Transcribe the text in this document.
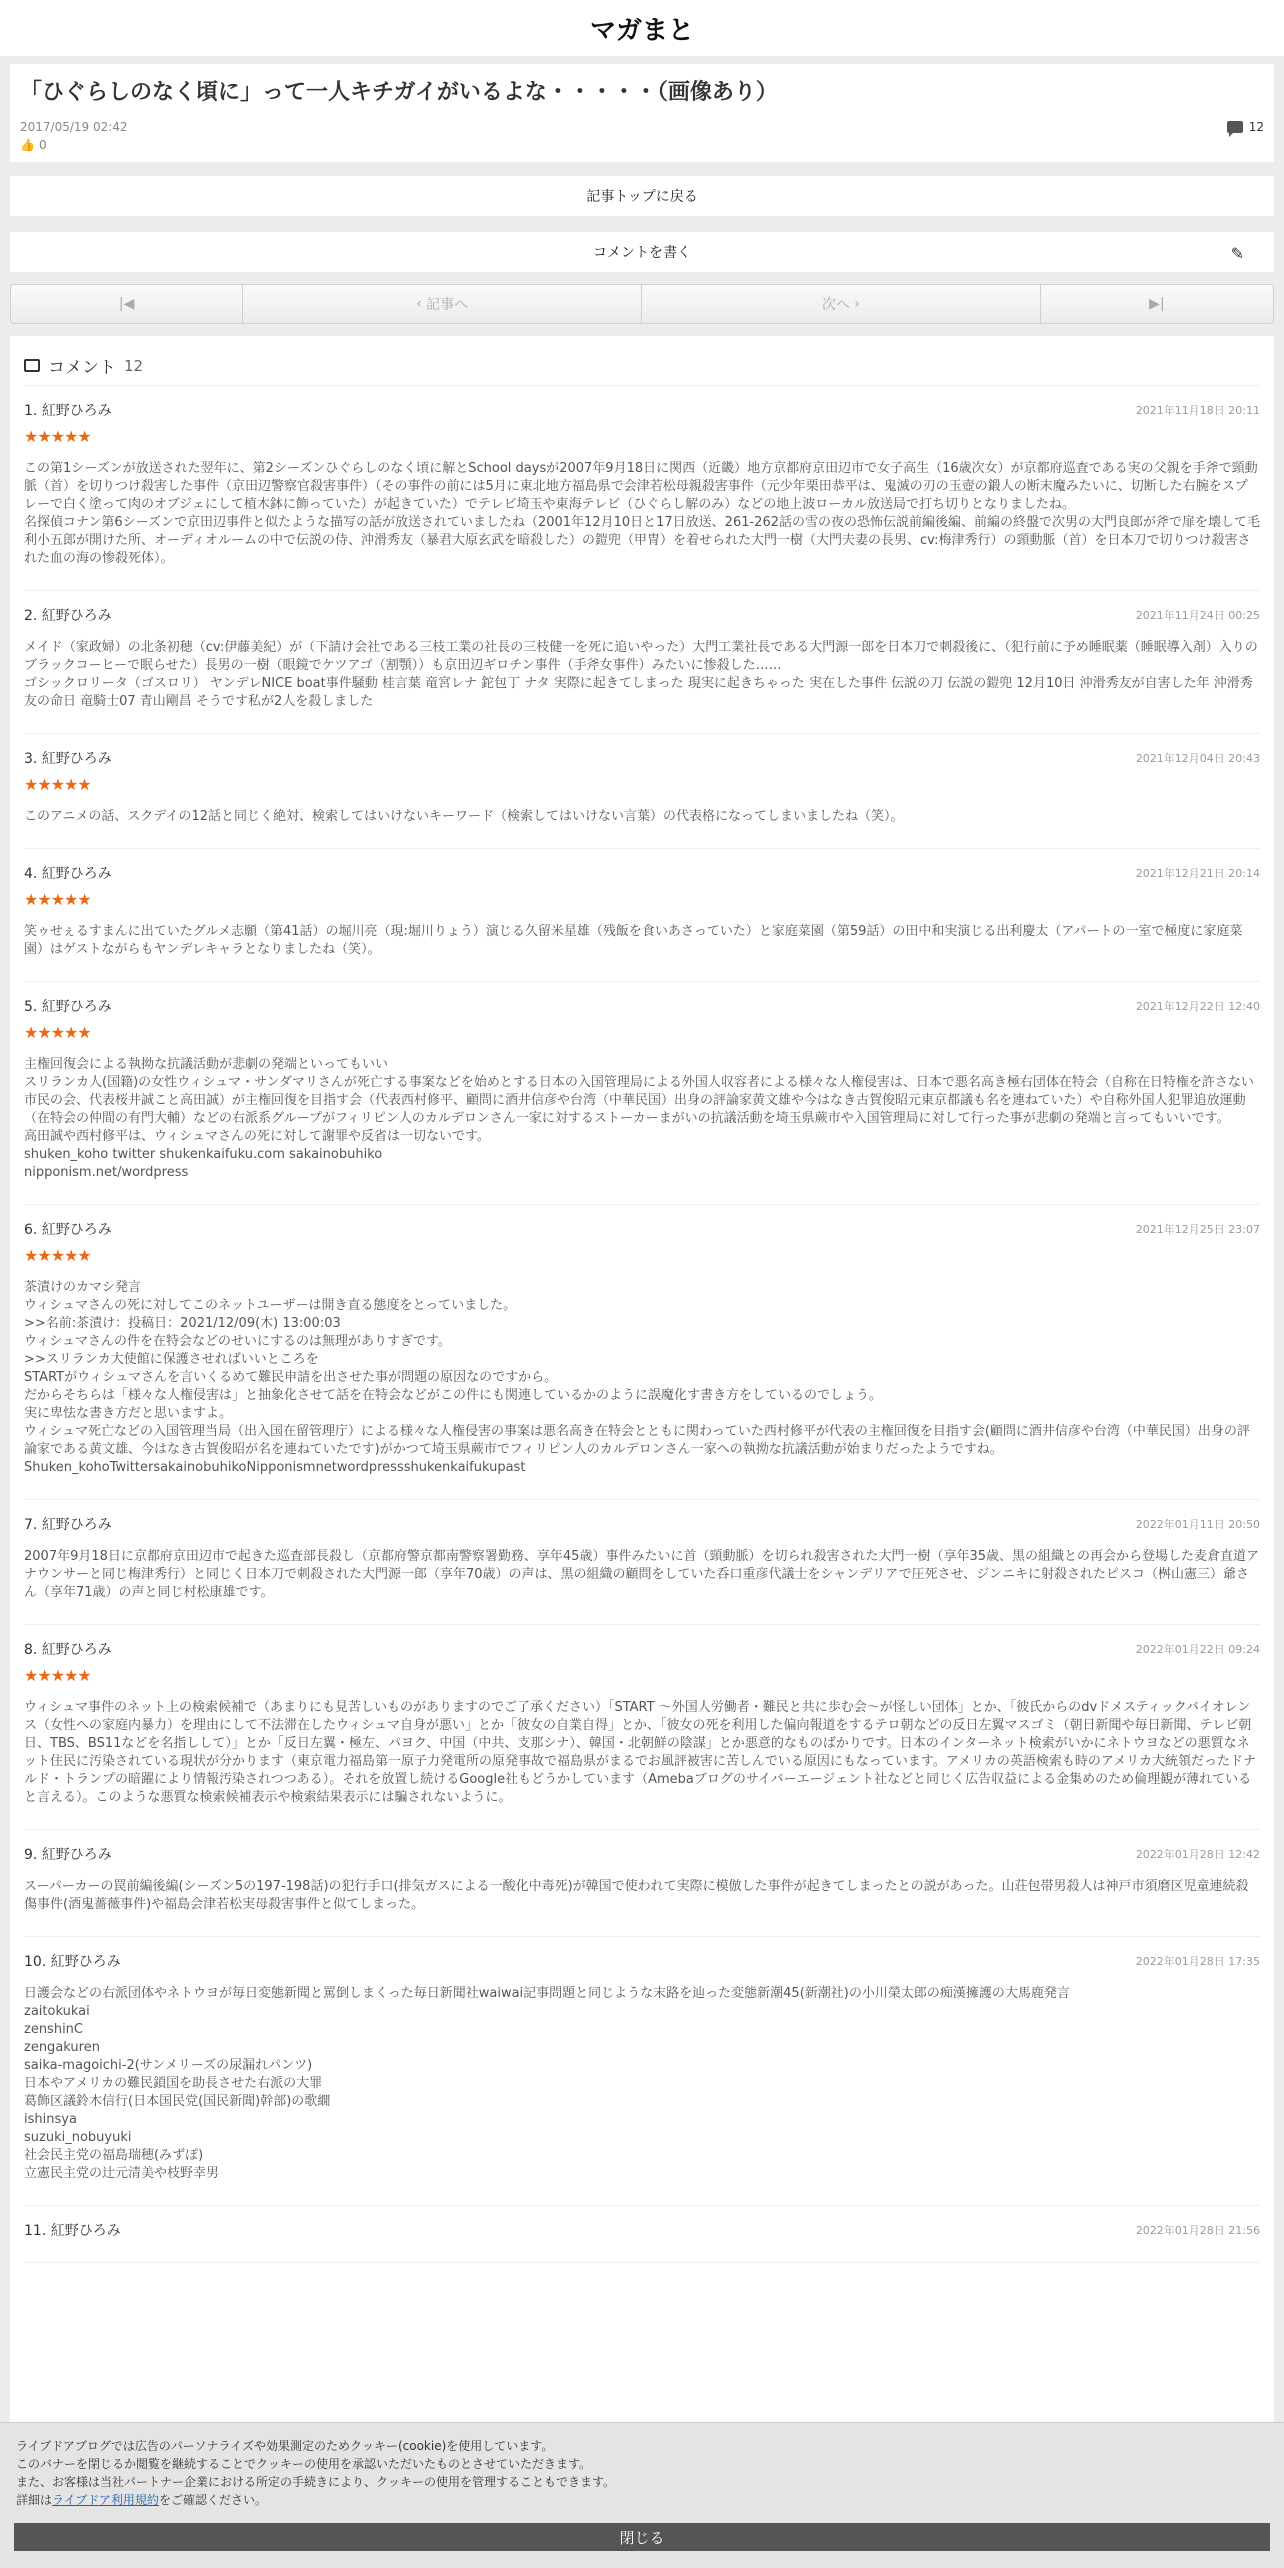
マガまと
「ひぐらしのなく頃に」って一人キチガイがいるよな・・・・・（画像あり）
2017/05/19 02:42	12
👍 0
記事トップに戻る
コメントを書く	✎
|◀	‹ 記事へ	次へ ›	▶|
コメント 12
1. 紅野ひろみ	2021年11月18日 20:11
★★★★★
この第1シーズンが放送された翌年に、第2シーズンひぐらしのなく頃に解とSchool daysが2007年9月18日に関西（近畿）地方京都府京田辺市で女子高生（16歳次女）が京都府巡査である実の父親を手斧で頸動脈（首）を切りつけ殺害した事件（京田辺警察官殺害事件）（その事件の前には5月に東北地方福島県で会津若松母親殺害事件（元少年栗田恭平は、鬼滅の刃の玉壺の鍛人の断末魔みたいに、切断した右腕をスプレーで白く塗って肉のオブジェにして植木鉢に飾っていた）が起きていた）でテレビ埼玉や東海テレビ（ひぐらし解のみ）などの地上波ローカル放送局で打ち切りとなりましたね。
名探偵コナン第6シーズンで京田辺事件と似たような描写の話が放送されていましたね（2001年12月10日と17日放送、261-262話の雪の夜の恐怖伝説前編後編、前編の終盤で次男の大門良郎が斧で扉を壊して毛利小五郎が開けた所、オーディオルームの中で伝説の侍、沖滑秀友（暴君大原玄武を暗殺した）の鎧兜（甲冑）を着せられた大門一樹（大門夫妻の長男、cv:梅津秀行）の頸動脈（首）を日本刀で切りつけ殺害された血の海の惨殺死体）。
2. 紅野ひろみ	2021年11月24日 00:25
メイド（家政婦）の北条初穂（cv:伊藤美紀）が（下請け会社である三枝工業の社長の三枝健一を死に追いやった）大門工業社長である大門源一郎を日本刀で刺殺後に、（犯行前に予め睡眠薬（睡眠導入剤）入りのブラックコーヒーで眠らせた）長男の一樹（眼鏡でケツアゴ（割顎））も京田辺ギロチン事件（手斧女事件）みたいに惨殺した……
ゴシックロリータ（ゴスロリ） ヤンデレNICE boat事件騒動 桂言葉 竜宮レナ 鉈包丁 ナタ 実際に起きてしまった 現実に起きちゃった 実在した事件 伝説の刀 伝説の鎧兜 12月10日 沖滑秀友が自害した年 沖滑秀友の命日 竜騎士07 青山剛昌 そうです私が2人を殺しました
3. 紅野ひろみ	2021年12月04日 20:43
★★★★★
このアニメの話、スクデイの12話と同じく絶対、検索してはいけないキーワード（検索してはいけない言葉）の代表格になってしまいましたね（笑）。
4. 紅野ひろみ	2021年12月21日 20:14
★★★★★
笑ゥせぇるすまんに出ていたグルメ志願（第41話）の堀川亮（現:堀川りょう）演じる久留米星雄（残飯を食いあさっていた）と家庭菜園（第59話）の田中和実演じる出利慶太（アパートの一室で極度に家庭菜園）はゲストながらもヤンデレキャラとなりましたね（笑）。
5. 紅野ひろみ	2021年12月22日 12:40
★★★★★
主権回復会による執拗な抗議活動が悲劇の発端といってもいい
スリランカ人(国籍)の女性ウィシュマ・サンダマリさんが死亡する事案などを始めとする日本の入国管理局による外国人収容者による様々な人権侵害は、日本で悪名高き極右団体在特会（自称在日特権を許さない市民の会、代表桜井誠こと高田誠）が主権回復を目指す会（代表西村修平、顧問に酒井信彦や台湾（中華民国）出身の評論家黄文雄や今はなき古賀俊昭元東京都議も名を連ねていた）や自称外国人犯罪追放運動（在特会の仲間の有門大輔）などの右派系グループがフィリピン人のカルデロンさん一家に対するストーカーまがいの抗議活動を埼玉県蕨市や入国管理局に対して行った事が悲劇の発端と言ってもいいです。
高田誠や西村修平は、ウィシュマさんの死に対して謝罪や反省は一切ないです。
shuken_koho twitter shukenkaifuku.com sakainobuhiko
nipponism.net/wordpress
6. 紅野ひろみ	2021年12月25日 23:07
★★★★★
茶漬けのカマシ発言
ウィシュマさんの死に対してこのネットユーザーは開き直る態度をとっていました。
>>名前:茶漬け：投稿日：2021/12/09(木) 13:00:03
ウィシュマさんの件を在特会などのせいにするのは無理がありすぎです。
>>スリランカ大使館に保護させればいいところを
STARTがウィシュマさんを言いくるめて難民申請を出させた事が問題の原因なのですから。
だからそちらは「様々な人権侵害は」と抽象化させて話を在特会などがこの件にも関連しているかのように誤魔化す書き方をしているのでしょう。
実に卑怯な書き方だと思いますよ。
ウィシュマ死亡などの入国管理当局（出入国在留管理庁）による様々な人権侵害の事案は悪名高き在特会とともに関わっていた西村修平が代表の主権回復を目指す会(顧問に酒井信彦や台湾（中華民国）出身の評論家である黄文雄、今はなき古賀俊昭が名を連ねていたです)がかつて埼玉県蕨市でフィリピン人のカルデロンさん一家への執拗な抗議活動が始まりだったようですね。
Shuken_kohoTwittersakainobuhikoNipponismnetwordpressshukenkaifukupast
7. 紅野ひろみ	2022年01月11日 20:50
2007年9月18日に京都府京田辺市で起きた巡査部長殺し（京都府警京都南警察署勤務、享年45歳）事件みたいに首（頸動脈）を切られ殺害された大門一樹（享年35歳、黒の組織との再会から登場した麦倉直道アナウンサーと同じ梅津秀行）と同じく日本刀で刺殺された大門源一郎（享年70歳）の声は、黒の組織の顧問をしていた呑口重彦代議士をシャンデリアで圧死させ、ジンニキに射殺されたピスコ（桝山憲三）爺さん（享年71歳）の声と同じ村松康雄です。
8. 紅野ひろみ	2022年01月22日 09:24
★★★★★
ウィシュマ事件のネット上の検索候補で（あまりにも見苦しいものがありますのでご了承ください）「START ～外国人労働者・難民と共に歩む会～が怪しい団体」とか、「彼氏からのdvドメスティックバイオレンス（女性への家庭内暴力）を理由にして不法滞在したウィシュマ自身が悪い」とか「彼女の自業自得」とか、「彼女の死を利用した偏向報道をするテロ朝などの反日左翼マスゴミ（朝日新聞や毎日新聞、テレビ朝日、TBS、BS11などを名指しして）」とか「反日左翼・極左、パヨク、中国（中共、支那シナ）、韓国・北朝鮮の陰謀」とか悪意的なものばかりです。日本のインターネット検索がいかにネトウヨなどの悪質なネット住民に汚染されている現状が分かります（東京電力福島第一原子力発電所の原発事故で福島県がまるでお風評被害に苦しんでいる原因にもなっています。アメリカの英語検索も時のアメリカ大統領だったドナルド・トランプの暗躍により情報汚染されつつある）。それを放置し続けるGoogle社もどうかしています（Amebaブログのサイバーエージェント社などと同じく広告収益による金集めのため倫理観が薄れていると言える）。このような悪質な検索候補表示や検索結果表示には騙されないように。
9. 紅野ひろみ	2022年01月28日 12:42
スーパーカーの罠前編後編(シーズン5の197-198話)の犯行手口(排気ガスによる一酸化中毒死)が韓国で使われて実際に模倣した事件が起きてしまったとの説があった。山荘包帯男殺人は神戸市須磨区児童連続殺傷事件(酒鬼薔薇事件)や福島会津若松実母殺害事件と似てしまった。
10. 紅野ひろみ	2022年01月28日 17:35
日護会などの右派団体やネトウヨが毎日変態新聞と罵倒しまくった毎日新聞社waiwai記事問題と同じような末路を辿った変態新潮45(新潮社)の小川榮太郎の痴漢擁護の大馬鹿発言
zaitokukai
zenshinC
zengakuren
saika-magoichi-2(サンメリーズの尿漏れパンツ)
日本やアメリカの難民鎖国を助長させた右派の大罪
葛飾区議鈴木信行(日本国民党(国民新聞)幹部)の歌繝
ishinsya
suzuki_nobuyuki
社会民主党の福島瑞穂(みずぽ)
立憲民主党の辻元清美や枝野幸男
11. 紅野ひろみ	2022年01月28日 21:56
ライブドアブログでは広告のパーソナライズや効果測定のためクッキー(cookie)を使用しています。
このバナーを閉じるか閲覧を継続することでクッキーの使用を承認いただいたものとさせていただきます。
また、お客様は当社パートナー企業における所定の手続きにより、クッキーの使用を管理することもできます。
詳細はライブドア利用規約をご確認ください。
閉じる
